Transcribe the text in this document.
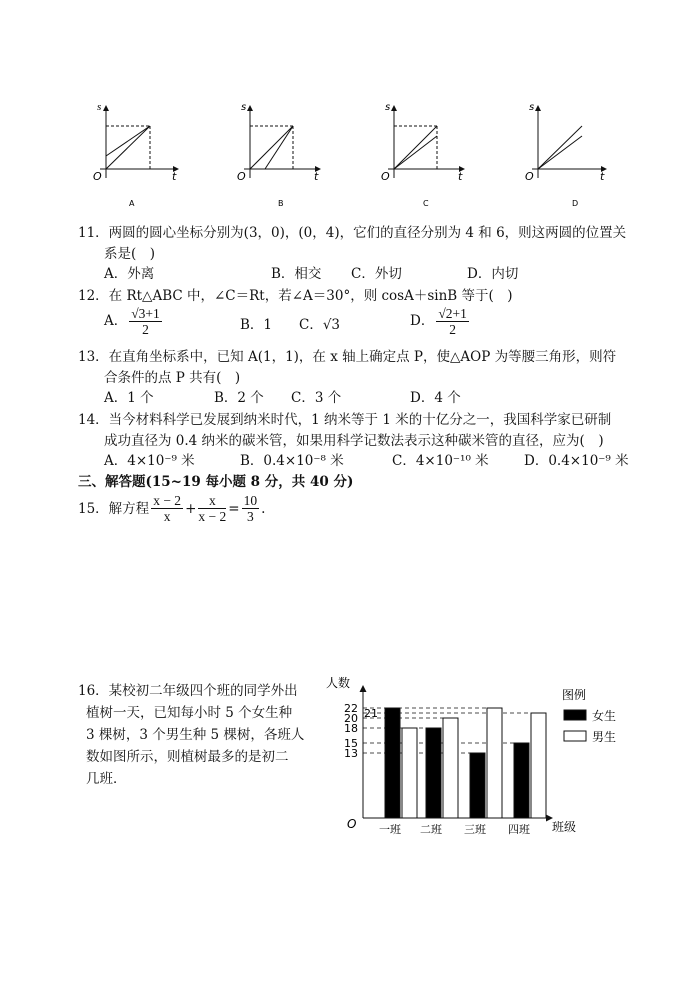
s
O	t
A
s
O	t
B
s
O	t
C
s
O	t
D
11．两圆的圆心坐标分别为(3，0)，(0，4)，它们的直径分别为 4 和 6，则这两圆的位置关
系是(　)
A．外离	B．相交 C．外切	D．内切
12．在 Rt△ABC 中，∠C＝Rt，若∠A＝30°，则 cosA＋sinB 等于(　)
A． $\frac{√3+1}{2}$	B．1 C．√3	D． $\frac{√2+1}{2}$
13．在直角坐标系中，已知 A(1，1)，在 x 轴上确定点 P，使△AOP 为等腰三角形，则符
合条件的点 P 共有(　)
A．1 个	B．2 个 C．3 个	D．4 个
14．当今材料科学已发展到纳米时代，1 纳米等于 1 米的十亿分之一，我国科学家已研制
成功直径为 0.4 纳米的碳米管，如果用科学记数法表示这种碳米管的直径，应为(　)
A．4×10⁻⁹ 米	B．0.4×10⁻⁸ 米	C．4×10⁻¹⁰ 米	D．0.4×10⁻⁹ 米
三、解答题(15~19 每小题 8 分，共 40 分)
15．解方程 $\frac{x - 2}{x} + \frac{x}{x - 2} = \frac{10}{3}$ .
16．某校初二年级四个班的同学外出
植树一天，已知每小时 5 个女生种
3 棵树，3 个男生种 5 棵树，各班人
数如图所示，则植树最多的是初二
几班．
O
人数
班级
13
15
18
20 21
22
一班 二班 三班 四班
图例
女生
男生
